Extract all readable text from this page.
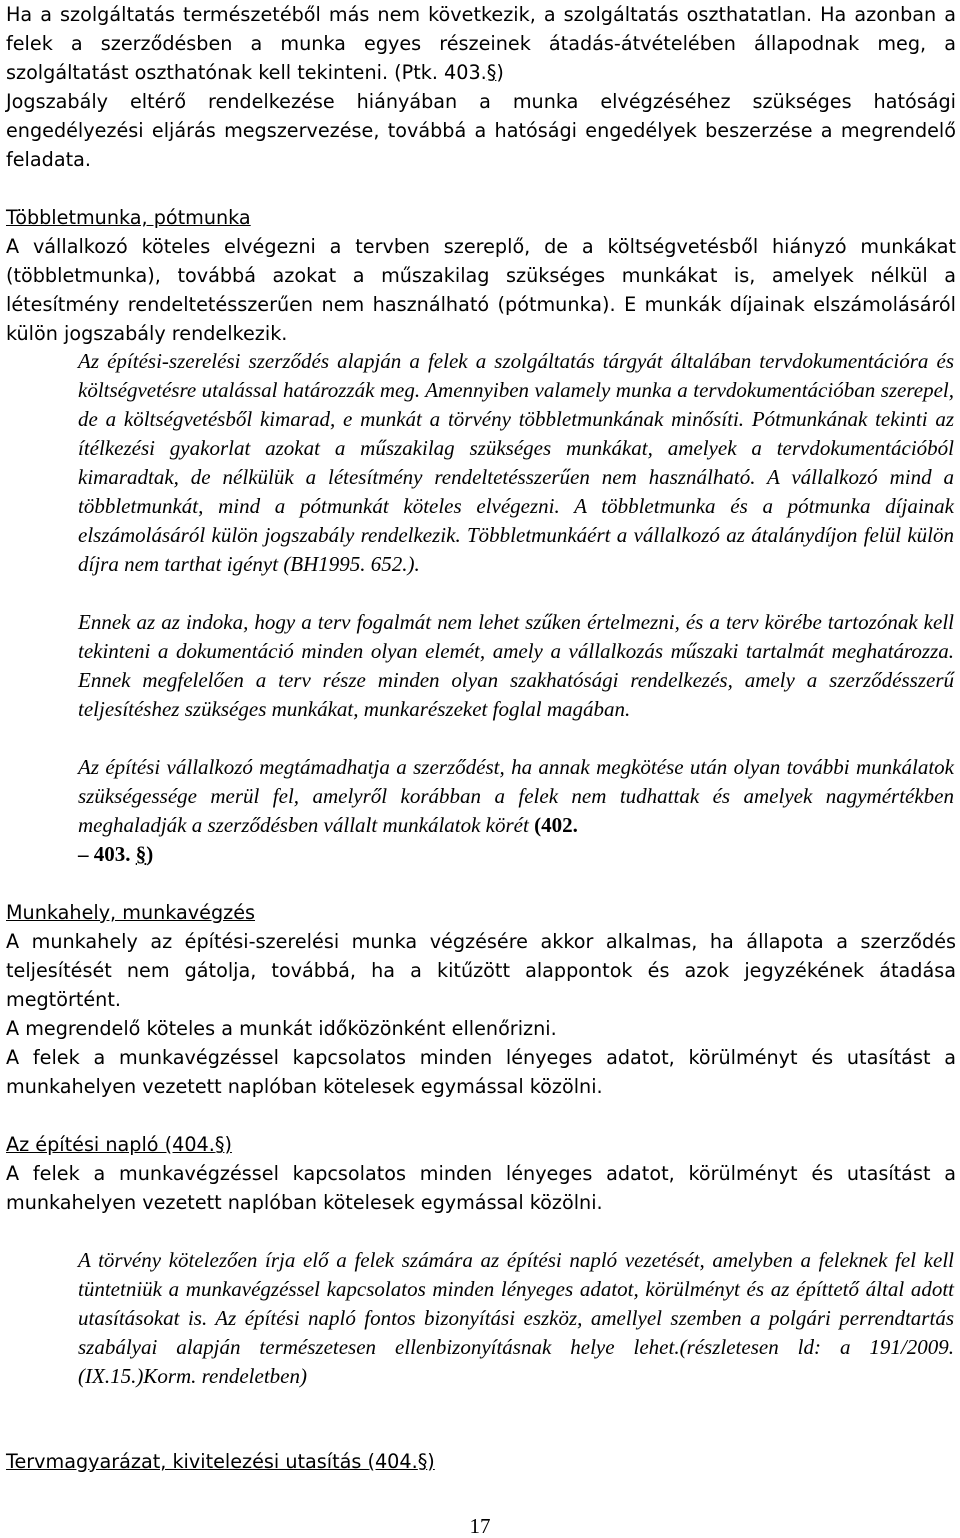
Ha a szolgáltatás természetéből más nem következik, a szolgáltatás oszthatatlan. Ha azonban a felek a szerződésben a munka egyes részeinek átadás-átvételében állapodnak meg, a szolgáltatást oszthatónak kell tekinteni. (Ptk. 403.§)

Jogszabály eltérő rendelkezése hiányában a munka elvégzéséhez szükséges hatósági engedélyezési eljárás megszervezése, továbbá a hatósági engedélyek beszerzése a megrendelő feladata.

Többletmunka, pótmunka

A vállalkozó köteles elvégezni a tervben szereplő, de a költségvetésből hiányzó munkákat (többletmunka), továbbá azokat a műszakilag szükséges munkákat is, amelyek nélkül a létesítmény rendeltetésszerűen nem használható (pótmunka). E munkák díjainak elszámolásáról külön jogszabály rendelkezik.

Az építési-szerelési szerződés alapján a felek a szolgáltatás tárgyát általában tervdokumentációra és költségvetésre utalással határozzák meg. Amennyiben valamely munka a tervdokumentációban szerepel, de a költségvetésből kimarad, e munkát a törvény többletmunkának minősíti. Pótmunkának tekinti az ítélkezési gyakorlat azokat a műszakilag szükséges munkákat, amelyek a tervdokumentációból kimaradtak, de nélkülük a létesítmény rendeltetésszerűen nem használható. A vállalkozó mind a többletmunkát, mind a pótmunkát köteles elvégezni. A többletmunka és a pótmunka díjainak elszámolásáról külön jogszabály rendelkezik. Többletmunkáért a vállalkozó az átalánydíjon felül külön díjra nem tarthat igényt (BH1995. 652.).

Ennek az az indoka, hogy a terv fogalmát nem lehet szűken értelmezni, és a terv körébe tartozónak kell tekinteni a dokumentáció minden olyan elemét, amely a vállalkozás műszaki tartalmát meghatározza. Ennek megfelelően a terv része minden olyan szakhatósági rendelkezés, amely a szerződésszerű teljesítéshez szükséges munkákat, munkarészeket foglal magában.

Az építési vállalkozó megtámadhatja a szerződést, ha annak megkötése után olyan további munkálatok szükségessége merül fel, amelyről korábban a felek nem tudhattak és amelyek nagymértékben meghaladják a szerződésben vállalt munkálatok körét (402.

– 403. §)

Munkahely, munkavégzés

A munkahely az építési-szerelési munka végzésére akkor alkalmas, ha állapota a szerződés teljesítését nem gátolja, továbbá, ha a kitűzött alappontok és azok jegyzékének átadása megtörtént.

A megrendelő köteles a munkát időközönként ellenőrizni.

A felek a munkavégzéssel kapcsolatos minden lényeges adatot, körülményt és utasítást a munkahelyen vezetett naplóban kötelesek egymással közölni.

Az építési napló (404.§)

A felek a munkavégzéssel kapcsolatos minden lényeges adatot, körülményt és utasítást a munkahelyen vezetett naplóban kötelesek egymással közölni.

A törvény kötelezően írja elő a felek számára az építési napló vezetését, amelyben a feleknek fel kell tüntetniük a munkavégzéssel kapcsolatos minden lényeges adatot, körülményt és az építtető által adott utasításokat is. Az építési napló fontos bizonyítási eszköz, amellyel szemben a polgári perrendtartás szabályai alapján természetesen ellenbizonyításnak helye lehet.(részletesen ld: a 191/2009.(IX.15.)Korm. rendeletben)

Tervmagyarázat, kivitelezési utasítás (404.§)

17
